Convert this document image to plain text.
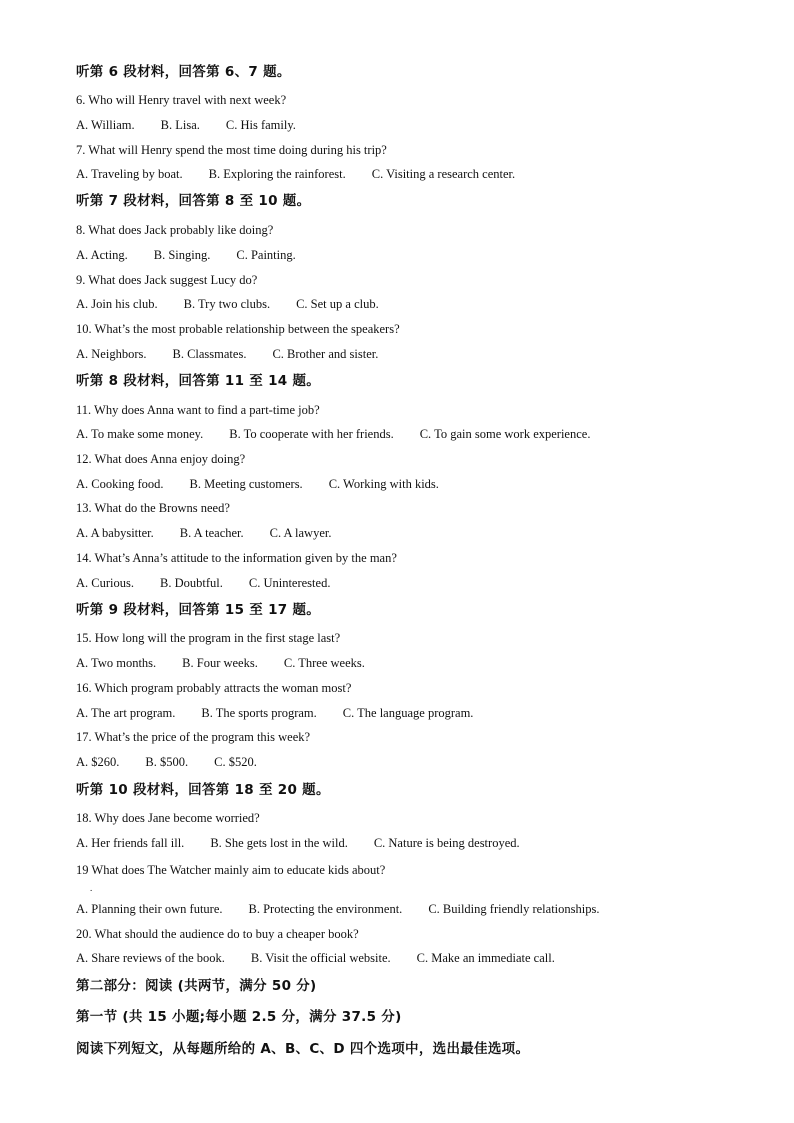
听第 6 段材料，回答第 6、7 题。
6. Who will Henry travel with next week?
A. William. B. Lisa. C. His family.
7. What will Henry spend the most time doing during his trip?
A. Traveling by boat. B. Exploring the rainforest. C. Visiting a research center.
听第 7 段材料，回答第 8 至 10 题。
8. What does Jack probably like doing?
A. Acting. B. Singing. C. Painting.
9. What does Jack suggest Lucy do?
A. Join his club. B. Try two clubs. C. Set up a club.
10. What’s the most probable relationship between the speakers?
A. Neighbors. B. Classmates. C. Brother and sister.
听第 8 段材料，回答第 11 至 14 题。
11. Why does Anna want to find a part-time job?
A. To make some money. B. To cooperate with her friends. C. To gain some work experience.
12. What does Anna enjoy doing?
A. Cooking food. B. Meeting customers. C. Working with kids.
13. What do the Browns need?
A. A babysitter. B. A teacher. C. A lawyer.
14. What’s Anna’s attitude to the information given by the man?
A. Curious. B. Doubtful. C. Uninterested.
听第 9 段材料，回答第 15 至 17 题。
15. How long will the program in the first stage last?
A. Two months. B. Four weeks. C. Three weeks.
16. Which program probably attracts the woman most?
A. The art program. B. The sports program. C. The language program.
17. What’s the price of the program this week?
A. $260. B. $500. C. $520.
听第 10 段材料，回答第 18 至 20 题。
18. Why does Jane become worried?
A. Her friends fall ill. B. She gets lost in the wild. C. Nature is being destroyed.
19 What does The Watcher mainly aim to educate kids about?
.
A. Planning their own future. B. Protecting the environment. C. Building friendly relationships.
20. What should the audience do to buy a cheaper book?
A. Share reviews of the book. B. Visit the official website. C. Make an immediate call.
第二部分：阅读 (共两节，满分 50 分)
第一节 (共 15 小题;每小题 2.5 分，满分 37.5 分)
阅读下列短文，从每题所给的 A、B、C、D 四个选项中，选出最佳选项。
